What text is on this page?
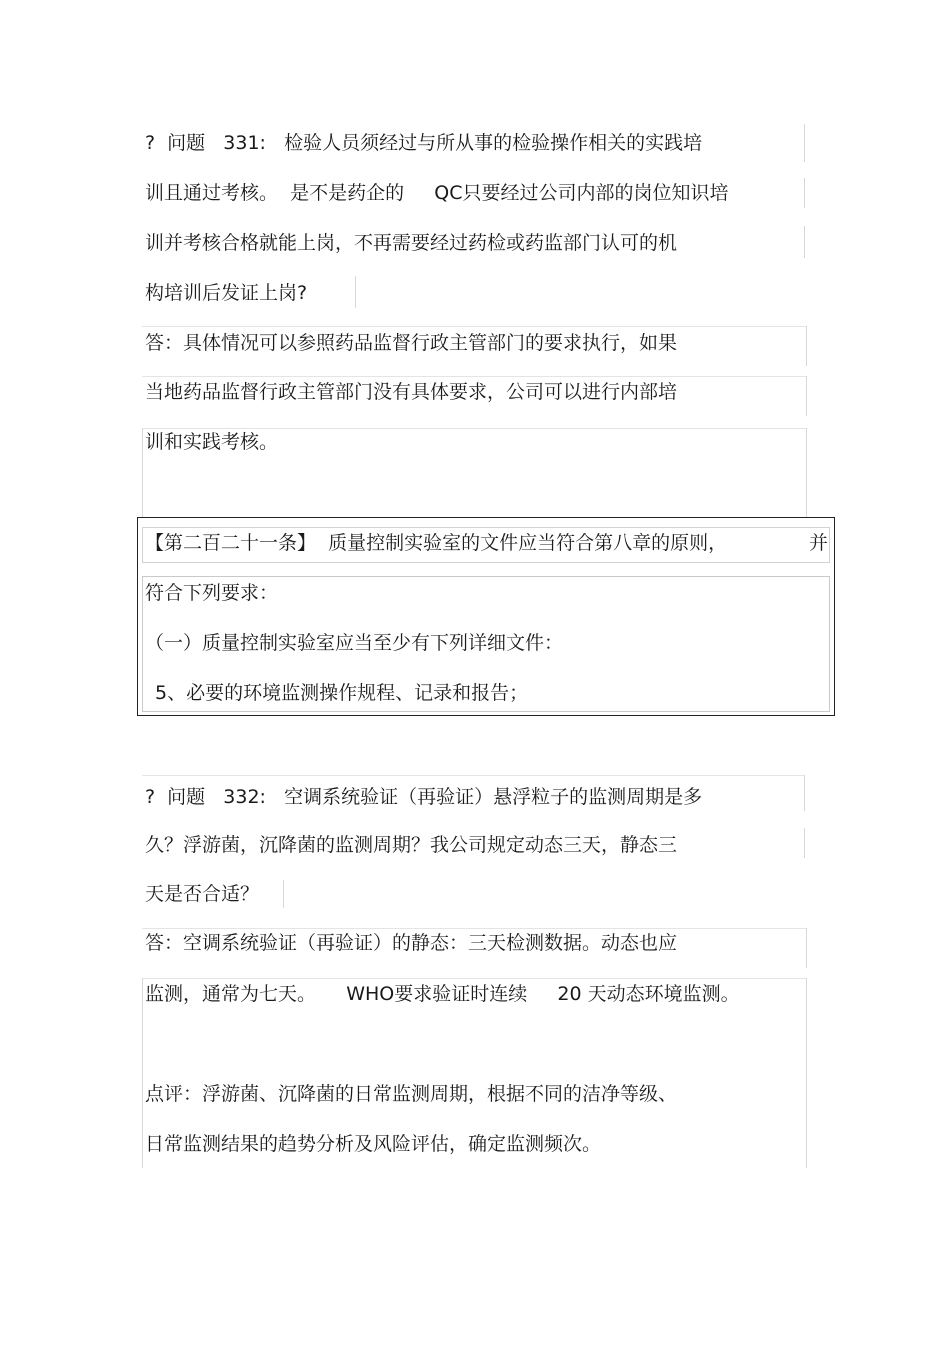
?  问题   331:   检验人员须经过与所从事的检验操作相关的实践培

训且通过考核。  是不是药企的     QC只要经过公司内部的岗位知识培

训并考核合格就能上岗，不再需要经过药检或药监部门认可的机

构培训后发证上岗?

答：具体情况可以参照药品监督行政主管部门的要求执行，如果

当地药品监督行政主管部门没有具体要求，公司可以进行内部培

训和实践考核。

【第二百二十一条】  质量控制实验室的文件应当符合第八章的原则，	并

符合下列要求：

（一）质量控制实验室应当至少有下列详细文件：

5、必要的环境监测操作规程、记录和报告；

?  问题   332:   空调系统验证（再验证）悬浮粒子的监测周期是多

久？浮游菌，沉降菌的监测周期？我公司规定动态三天，静态三

天是否合适？

答：空调系统验证（再验证）的静态：三天检测数据。动态也应

监测，通常为七天。     WHO要求验证时连续     20 天动态环境监测。

点评：浮游菌、沉降菌的日常监测周期，根据不同的洁净等级、

日常监测结果的趋势分析及风险评估，确定监测频次。
